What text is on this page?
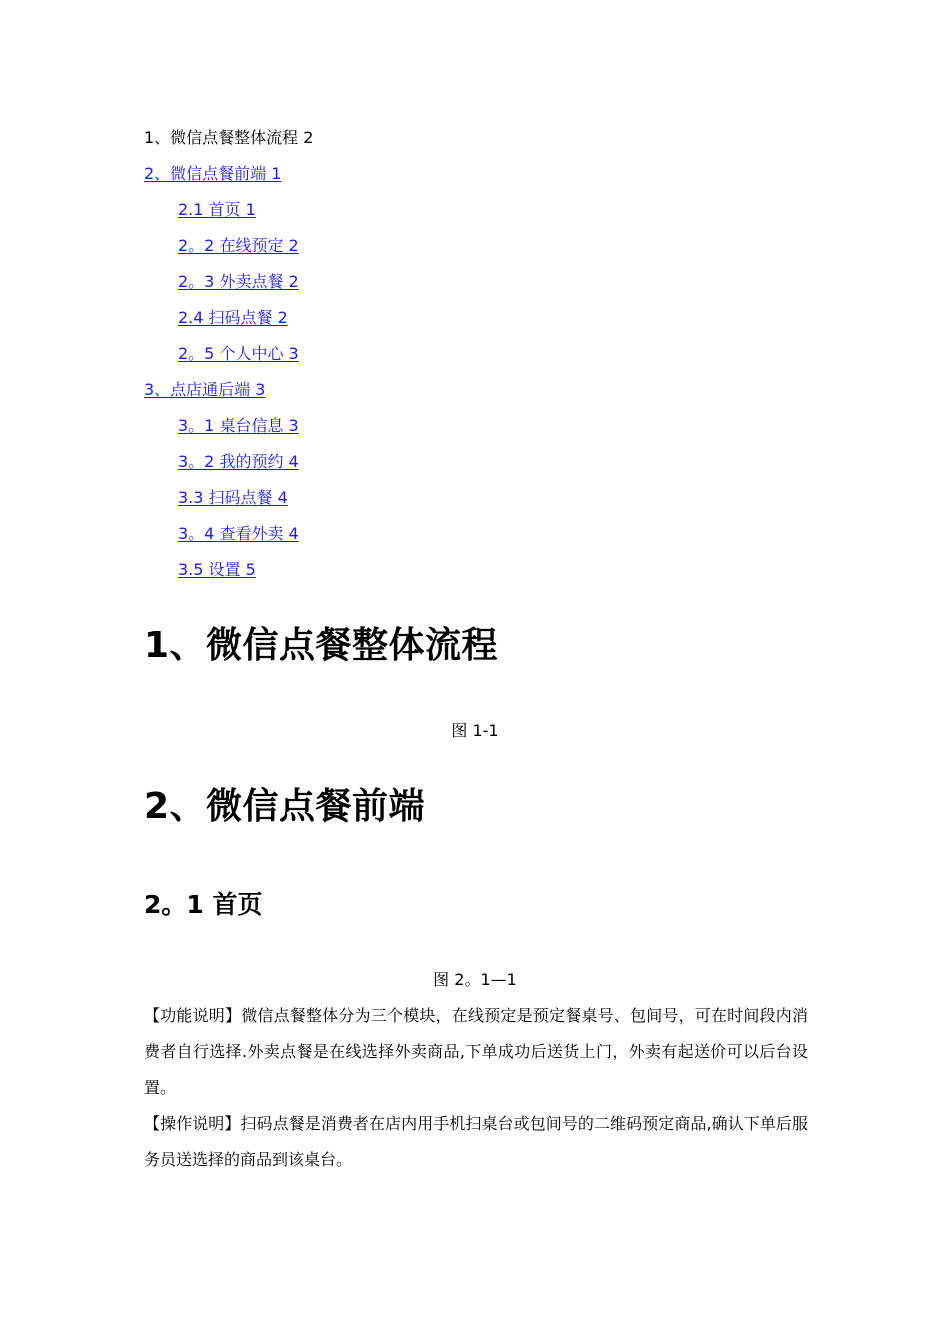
1、微信点餐整体流程 2
2、微信点餐前端 1
2.1 首页 1
2。2 在线预定 2
2。3 外卖点餐 2
2.4 扫码点餐 2
2。5 个人中心 3
3、点店通后端 3
3。1 桌台信息 3
3。2 我的预约 4
3.3 扫码点餐 4
3。4 查看外卖 4
3.5 设置 5
1、微信点餐整体流程
图 1-1
2、微信点餐前端
2。1 首页
图 2。1—1

【功能说明】微信点餐整体分为三个模块，在线预定是预定餐桌号、包间号，可在时间段内消费者自行选择.外卖点餐是在线选择外卖商品,下单成功后送货上门，外卖有起送价可以后台设置。

【操作说明】扫码点餐是消费者在店内用手机扫桌台或包间号的二维码预定商品,确认下单后服务员送选择的商品到该桌台。
